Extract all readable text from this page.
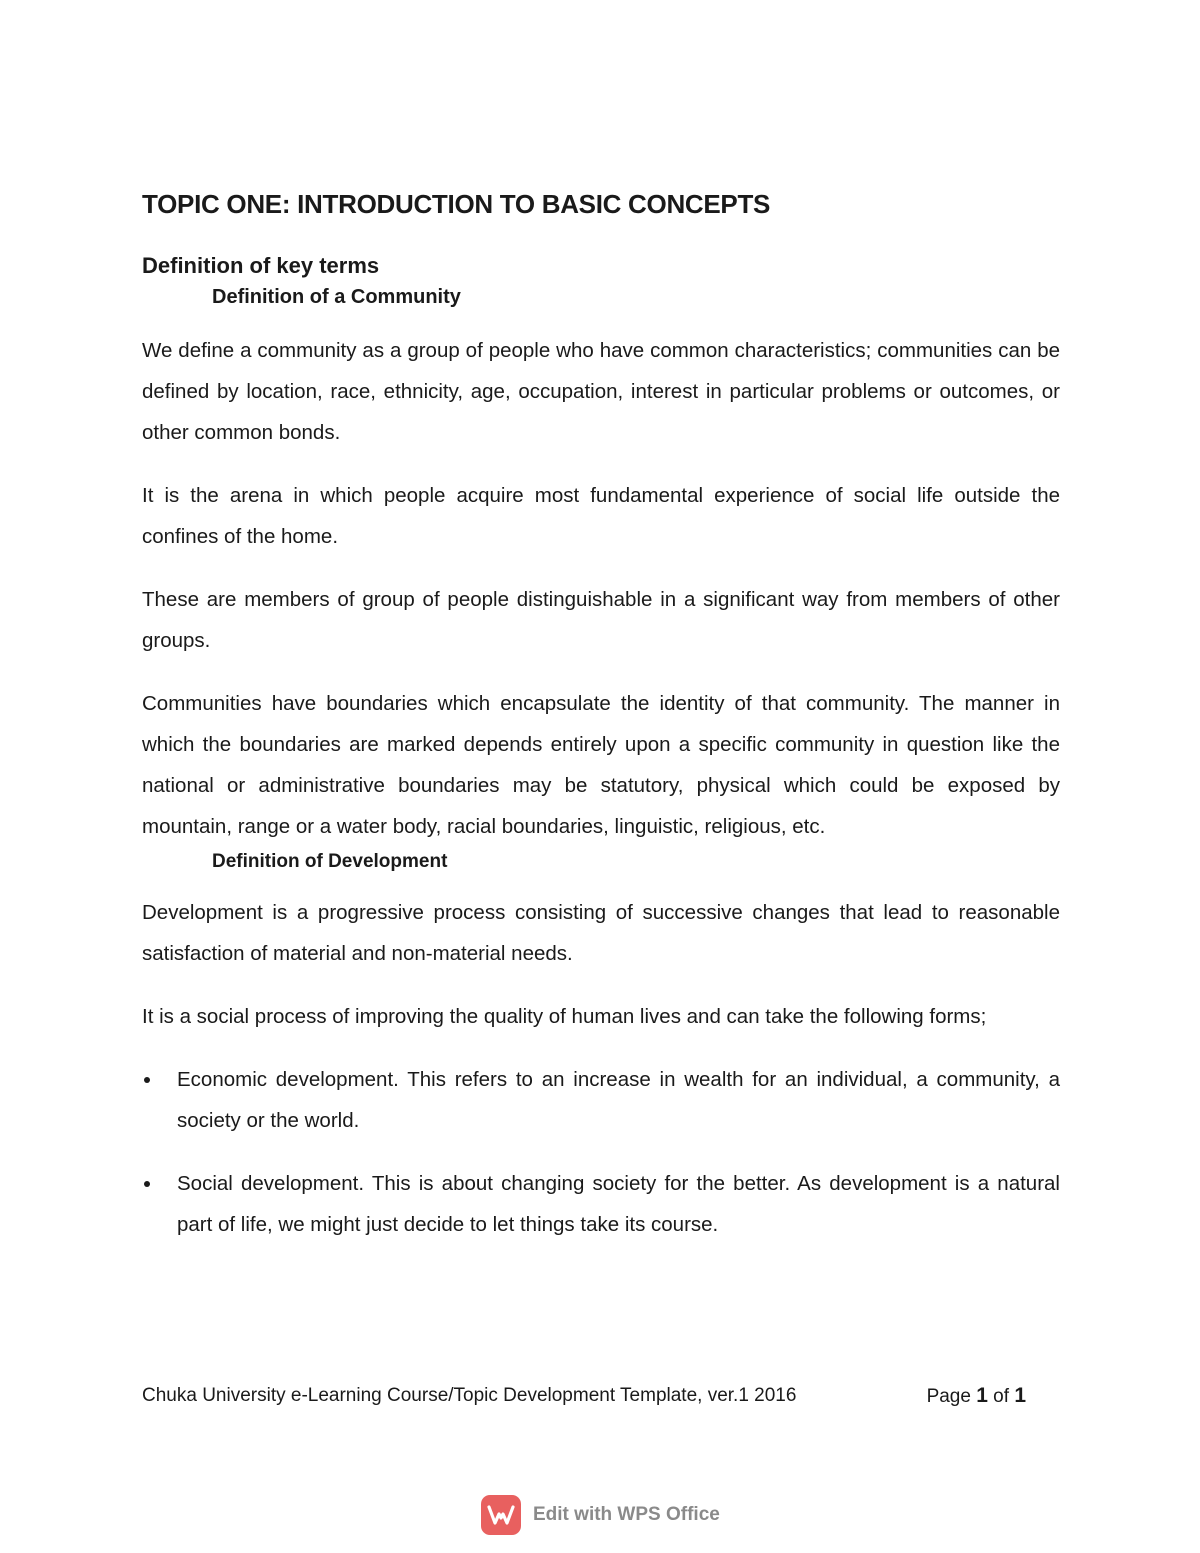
TOPIC ONE: INTRODUCTION TO BASIC CONCEPTS
Definition of key terms
Definition of a Community

We define a community as a group of people who have common characteristics; communities can be defined by location, race, ethnicity, age, occupation, interest in particular problems or outcomes, or other common bonds.

It is the arena in which people acquire most fundamental experience of social life outside the confines of the home.

These are members of group of people distinguishable in a significant way from members of other groups.

Communities have boundaries which encapsulate the identity of that community. The manner in which the boundaries are marked depends entirely upon a specific community in question like the national or administrative boundaries may be statutory, physical which could be exposed by mountain, range or a water body, racial boundaries, linguistic, religious, etc.

Definition of Development

Development is a progressive process consisting of successive changes that lead to reasonable satisfaction of material and non-material needs.

It is a social process of improving the quality of human lives and can take the following forms;

Economic development. This refers to an increase in wealth for an individual, a community, a society or the world.
Social development. This is about changing society for the better. As development is a natural part of life, we might just decide to let things take its course.
Chuka University e-Learning Course/Topic Development Template, ver.1 2016	Page 1 of 1
Edit with WPS Office
